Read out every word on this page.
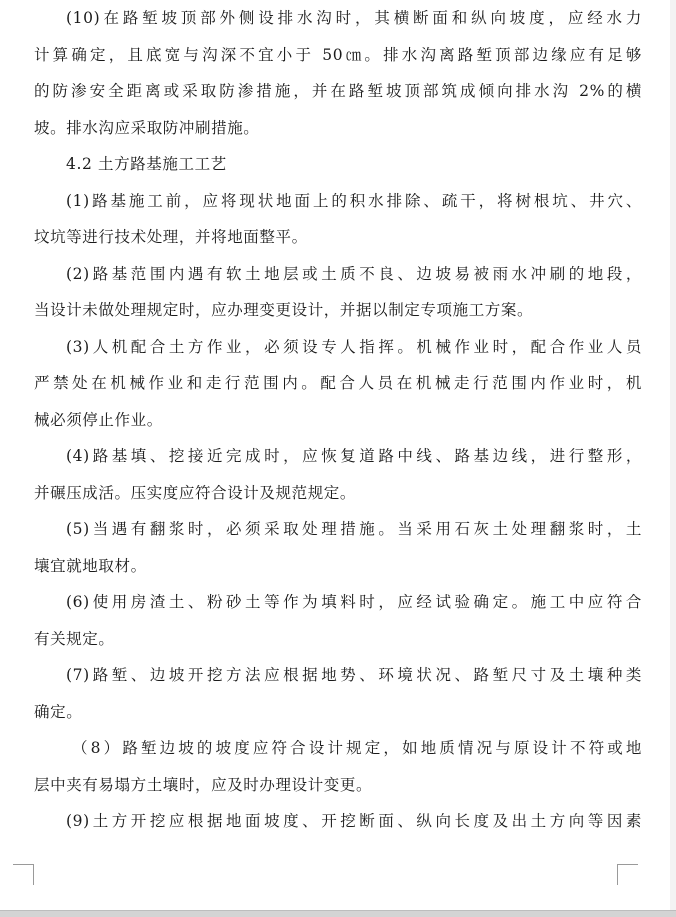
(10)在路堑坡顶部外侧设排水沟时，其横断面和纵向坡度，应经水力
计算确定，且底宽与沟深不宜小于 50㎝。排水沟离路堑顶部边缘应有足够
的防渗安全距离或采取防渗措施，并在路堑坡顶部筑成倾向排水沟 2%的横
坡。排水沟应采取防冲刷措施。
4.2 土方路基施工工艺
(1)路基施工前，应将现状地面上的积水排除、疏干，将树根坑、井穴、
坟坑等进行技术处理，并将地面整平。
(2)路基范围内遇有软土地层或土质不良、边坡易被雨水冲刷的地段，
当设计未做处理规定时，应办理变更设计，并据以制定专项施工方案。
(3)人机配合土方作业，必须设专人指挥。机械作业时，配合作业人员
严禁处在机械作业和走行范围内。配合人员在机械走行范围内作业时，机
械必须停止作业。
(4)路基填、挖接近完成时，应恢复道路中线、路基边线，进行整形，
并碾压成活。压实度应符合设计及规范规定。
(5)当遇有翻浆时，必须采取处理措施。当采用石灰土处理翻浆时，土
壤宜就地取材。
(6)使用房渣土、粉砂土等作为填料时，应经试验确定。施工中应符合
有关规定。
(7)路堑、边坡开挖方法应根据地势、环境状况、路堑尺寸及土壤种类
确定。
（8）路堑边坡的坡度应符合设计规定，如地质情况与原设计不符或地
层中夹有易塌方土壤时，应及时办理设计变更。
(9)土方开挖应根据地面坡度、开挖断面、纵向长度及出土方向等因素
